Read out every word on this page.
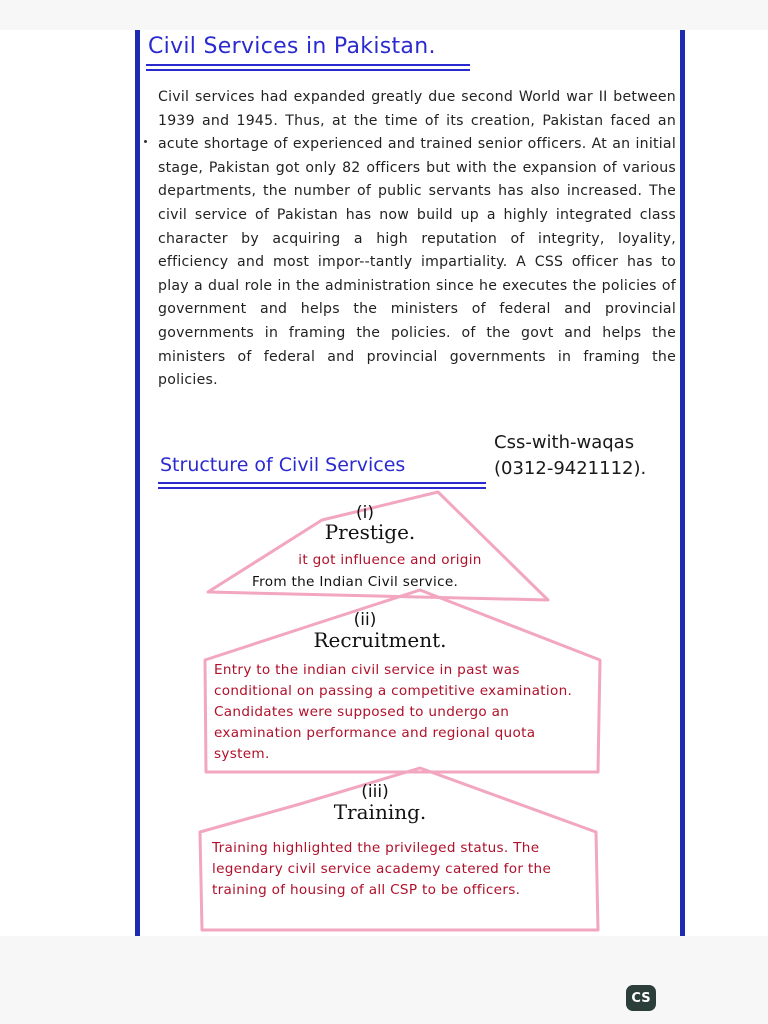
Civil Services in Pakistan.
Civil services had expanded greatly due second World war II between 1939 and 1945. Thus, at the time of its creation, Pakistan faced an acute shortage of experienced and trained senior officers. At an initial stage, Pakistan got only 82 officers but with the expansion of various departments, the number of public servants has also increased. The civil service of Pakistan has now build up a highly integrated class character by acquiring a high reputation of integrity, loyality, efficiency and most impor--tantly impartiality. A CSS officer has to play a dual role in the administration since he executes the policies of government and helps the ministers of federal and provincial governments in framing the policies. of the govt and helps the ministers of federal and provincial governments in framing the policies.
Css-with-waqas
(0312-9421112).
Structure of Civil Services
(i)
Prestige.
it got influence and origin
From the Indian Civil service.
(ii)
Recruitment.
Entry to the indian civil service in past was conditional on passing a competitive examination. Candidates were supposed to undergo an examination performance and regional quota system.
(iii)
Training.
Training highlighted the privileged status. The legendary civil service academy catered for the training of housing of all CSP to be officers.
CS
